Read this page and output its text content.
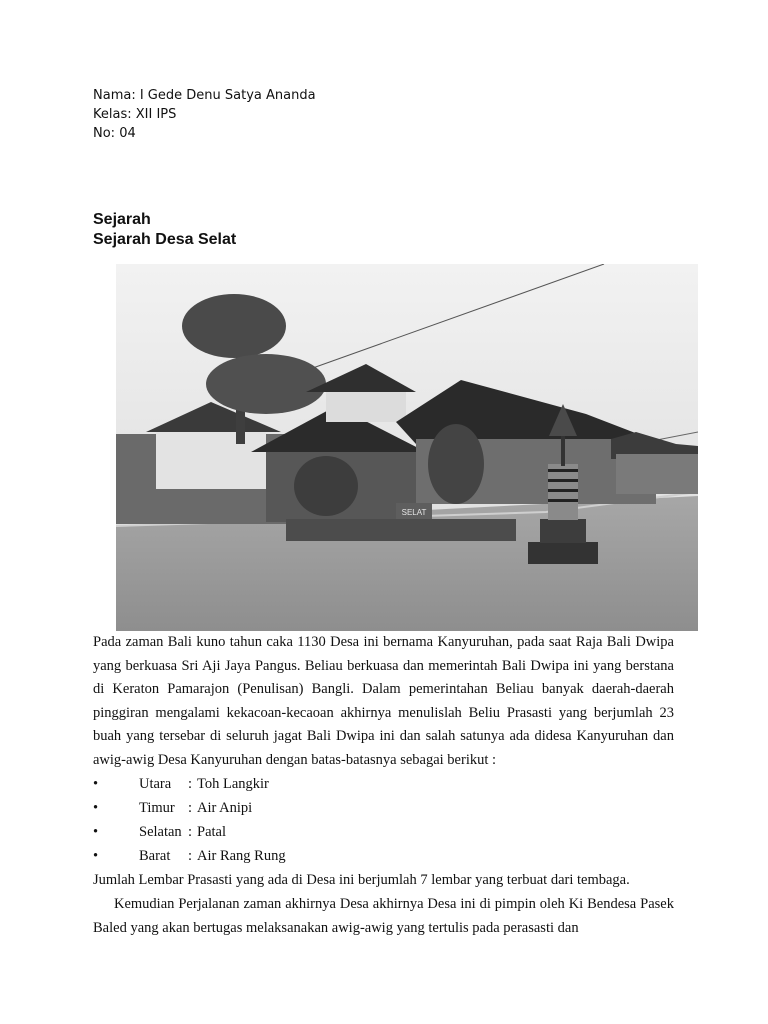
Nama: I Gede Denu Satya Ananda
Kelas: XII IPS
No: 04
Sejarah
Sejarah Desa Selat
SELAT

Pada zaman Bali kuno tahun caka 1130 Desa ini bernama Kanyuruhan, pada saat Raja Bali Dwipa yang berkuasa Sri Aji Jaya Pangus. Beliau berkuasa dan memerintah Bali Dwipa ini yang berstana di Keraton Pamarajon (Penulisan) Bangli. Dalam pemerintahan Beliau banyak daerah-daerah pinggiran mengalami kekacoan-kecaoan akhirnya menulislah Beliu Prasasti yang berjumlah 23 buah yang tersebar di seluruh jagat Bali Dwipa ini dan salah satunya ada didesa Kanyuruhan dan awig-awig Desa Kanyuruhan dengan batas-batasnya sebagai berikut :

•	Utara : Toh Langkir
•	Timur : Air Anipi
•	Selatan : Patal
•	Barat : Air Rang Rung

Jumlah Lembar Prasasti yang ada di Desa ini berjumlah 7 lembar yang terbuat dari tembaga.

Kemudian Perjalanan zaman akhirnya Desa akhirnya Desa ini di pimpin oleh Ki Bendesa Pasek Baled yang akan bertugas melaksanakan awig-awig yang tertulis pada perasasti dan
